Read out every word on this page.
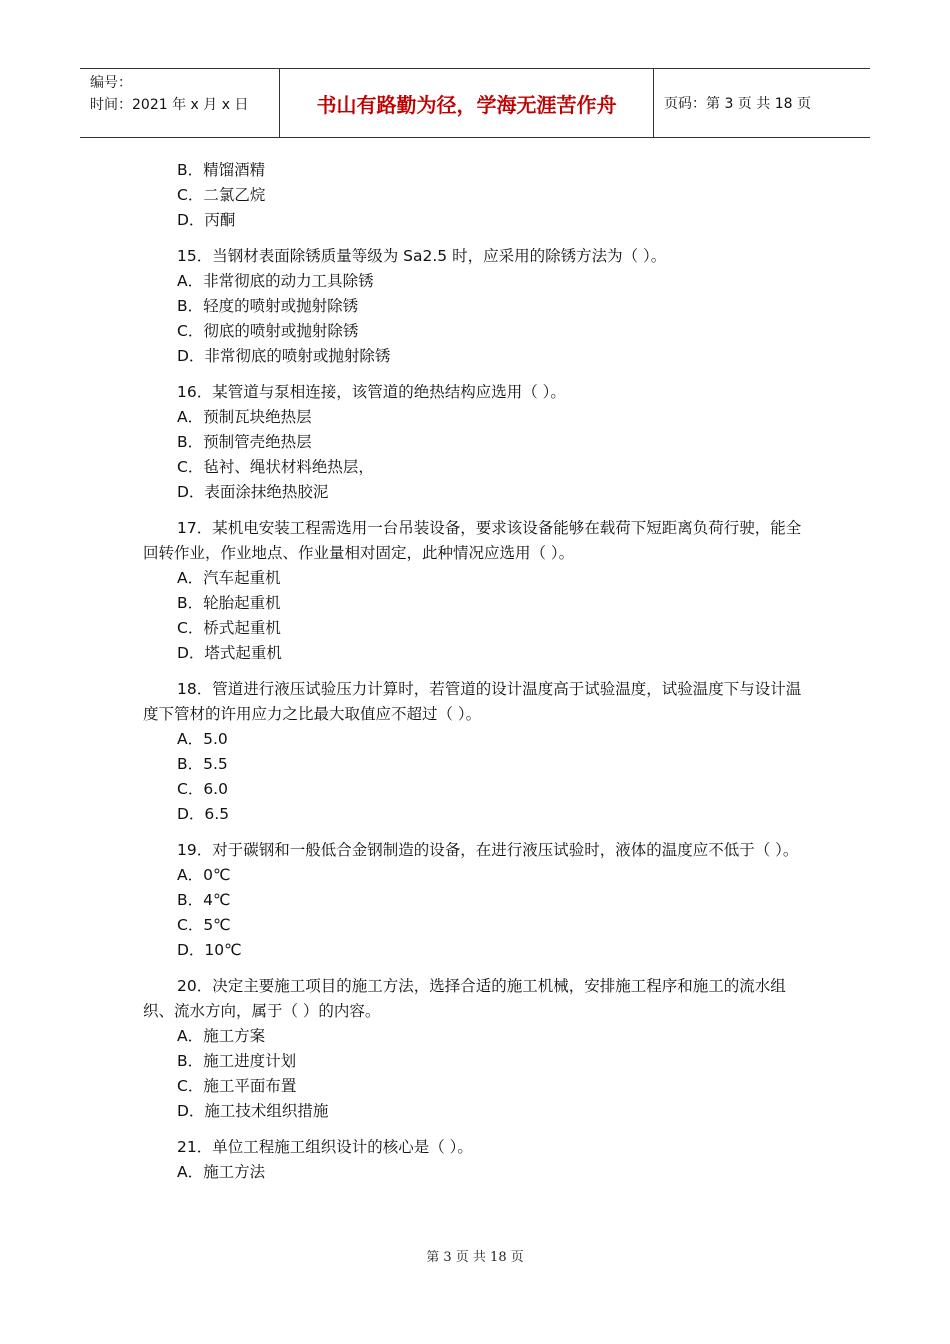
编号：
时间：2021 年 x 月 x 日	书山有路勤为径，学海无涯苦作舟	页码：第 3 页 共 18 页
B．精馏酒精
C．二氯乙烷
D．丙酮
15．当钢材表面除锈质量等级为 Sa2.5 时，应采用的除锈方法为（ ）。
A．非常彻底的动力工具除锈
B．轻度的喷射或抛射除锈
C．彻底的喷射或抛射除锈
D．非常彻底的喷射或抛射除锈
16．某管道与泵相连接，该管道的绝热结构应选用（ ）。
A．预制瓦块绝热层
B．预制管壳绝热层
C．毡衬、绳状材料绝热层，
D．表面涂抹绝热胶泥
17．某机电安装工程需选用一台吊装设备，要求该设备能够在载荷下短距离负荷行驶，能全回转作业，作业地点、作业量相对固定，此种情况应选用（ ）。
A．汽车起重机
B．轮胎起重机
C．桥式起重机
D．塔式起重机
18．管道进行液压试验压力计算时，若管道的设计温度高于试验温度，试验温度下与设计温度下管材的许用应力之比最大取值应不超过（ ）。
A．5.0
B．5.5
C．6.0
D．6.5
19．对于碳钢和一般低合金钢制造的设备，在进行液压试验时，液体的温度应不低于（ ）。
A．0℃
B．4℃
C．5℃
D．10℃
20．决定主要施工项目的施工方法，选择合适的施工机械，安排施工程序和施工的流水组织、流水方向，属于（ ）的内容。
A．施工方案
B．施工进度计划
C．施工平面布置
D．施工技术组织措施
21．单位工程施工组织设计的核心是（ ）。
A．施工方法
第 3 页 共 18 页
